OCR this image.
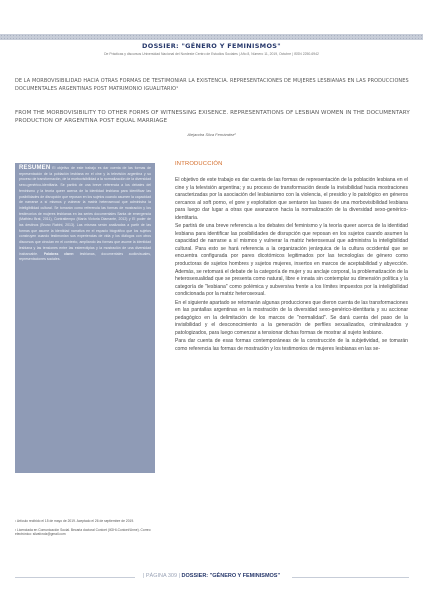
DOSSIER: "GÉNERO Y FEMINISMOS"
De Prácticas y discursos Universidad Nacional del Nordeste Centro de Estudios Sociales | Año 8, Número 11, 2019, Octubre | ISSN 2250-6942
DE LA MORBOVISIBILIDAD HACIA OTRAS FORMAS DE TESTIMONIAR LA EXISTENCIA. REPRESENTACIONES DE MUJERES LESBIANAS EN LAS PRODUCCIONES DOCUMENTALES ARGENTINAS POST MATRIMONIO IGUALITARIO¹
FROM THE MORBOVISIBILITY TO OTHER FORMS OF WITNESSING EXISENCE. REPRESENTATIONS OF LESBIAN WOMEN IN THE DOCUMENTARY PRODUCTION OF ARGENTINA POST EQUAL MARRIAGE
Alejandra Silva Fernández²
RESUMEN El objetivo de este trabajo es dar cuenta de las formas de representación de la población lesbiana en el cine y la televisión argentina y su proceso de transformación, de la morbovisibilidad a la normalización de la diversidad sexo-genérico-identitaria. Se partirá de una breve referencia a los debates del feminismo y la teoría queer acerca de la identidad lesbiana para identificar las posibilidades de disrupción que reposan en los sujetos cuando asumen la capacidad de narrarse a sí mismos y vulnerar la matriz heterosexual que administra la inteligibilidad cultural. Se tomarán como referencia las formas de mostración y los testimonios de mujeres lesbianas en las series documentales Santa de emergencia (Mathieu Brat, 2011), Contratiempo (María Victoria Diamante, 2012) y El poder de las destinos (Bruno Rabini, 2013). Las mismas serán analizadas a partir de las formas que asume la identidad narrativa en el espacio biográfico que los sujetos construyen cuando testimonian sus experiencias de vida y los diálogos con otros discursos que circulan en el contexto, ampliando las formas que asume la identidad lesbiana y las tensiones entre las estereotipias y la mostración de una diversidad inabarcable. Palabras clave: lesbianas, documentales audiovisuales, representaciones sociales.

¹ Artículo recibido el 15 de mayo de 2019. Aceptado el 26 de septiembre de 2019.

² Licenciada en Comunicación Social. Becaria doctoral Conicet (IIGHI-Conicet/Unne). Correo electrónico: silvafcndz@gmail.com

INTRODUCCIÓN

El objetivo de este trabajo es dar cuenta de las formas de representación de la población lesbiana en el cine y la televisión argentina; y su proceso de transformación desde la invisibilidad hacia mostraciones caracterizadas por la asociación del lesbianismo con la violencia, el presidio y lo patológico en géneros cercanos al soft porno, el gore y exploitation que sentaron las bases de una morbovisibilidad lesbiana para luego dar lugar a otras que avanzaron hacia la normalización de la diversidad sexo-genérico-identitaria.

Se partirá de una breve referencia a los debates del feminismo y la teoría queer acerca de la identidad lesbiana para identificar las posibilidades de disrupción que reposan en los sujetos cuando asumen la capacidad de narrarse a sí mismos y vulnerar la matriz heterosexual que administra la inteligibilidad cultural. Para esto se hará referencia a la organización jerárquica de la cultura occidental que se encuentra configurada por pares dicotómicos legitimados por las tecnologías de género como productoras de sujetos hombres y sujetos mujeres, insertos en marcos de aceptabilidad y abyección. Además, se retomará el debate de la categoría de mujer y su anclaje corporal, la problematización de la heterosexualidad que se presenta como natural, libre e innata sin contemplar su dimensión política y la categoría de "lesbiana" como polémica y subversiva frente a los límites impuestos por la inteligibilidad condicionada por la matriz heterosexual.

En el siguiente apartado se retomarán algunas producciones que dieron cuenta de las transformaciones en las pantallas argentinas en la mostración de la diversidad sexo-genérico-identitaria y su accionar pedagógico en la delimitación de los marcos de "normalidad". Se dará cuenta del paso de la invisibilidad y el desconocimiento a la generación de perfiles sexualizados, criminalizados y patologizados, para luego comenzar a tensionar dichas formas de mostrar al sujeto lesbiano.

Para dar cuenta de esas formas contemporáneas de la construcción de la subjetividad, se tomarán como referencia las formas de mostración y los testimonios de mujeres lesbianas en las se-

| PÁGINA 309 | DOSSIER: "GÉNERO Y FEMINISMOS"
